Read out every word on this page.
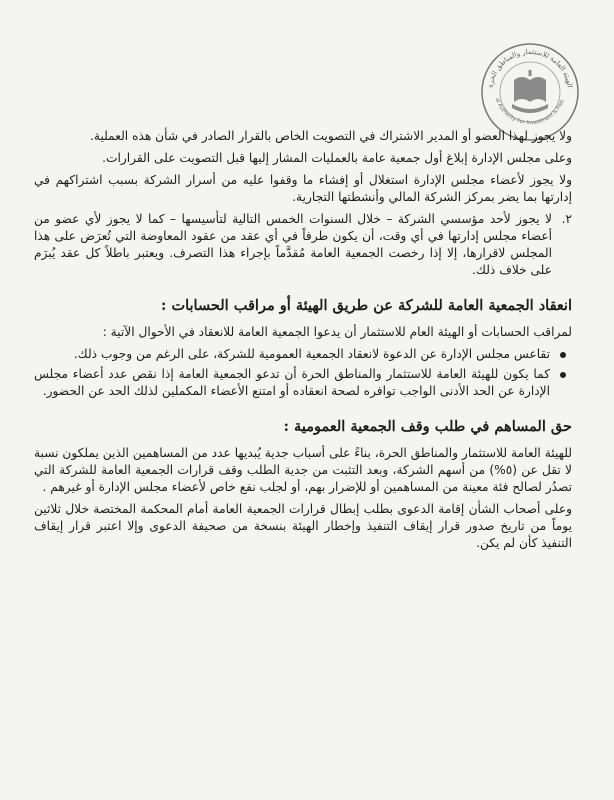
الهيئة العامة للاستثمار والمناطق الحرة
al Authority For Investment & Free

ولا يجوز لهذا العضو أو المدير الاشتراك في التصويت الخاص بالقرار الصادر في شأن هذه العملية.

وعلى مجلس الإدارة إبلاغ أول جمعية عامة بالعمليات المشار إليها قبل التصويت على القرارات.

ولا يجوز لأعضاء مجلس الإدارة استغلال أو إفشاء ما وقفوا عليه من أسرار الشركة بسبب اشتراكهم في إدارتها بما يضر بمركز الشركة المالي وأنشطتها التجارية.

٢.
لا يجوز لأحد مؤسسي الشركة – خلال السنوات الخمس التالية لتأسيسها – كما لا يجوز لأي عضو من أعضاء مجلس إدارتها في أي وقت، أن يكون طرفاً في أي عقد من عقود المعاوضة التي تُعرَض على هذا المجلس لاقرارها، إلا إذا رخصت الجمعية العامة مُقدَّماً بإجراء هذا التصرف. ويعتبر باطلاً كل عقد يُبرَم على خلاف ذلك.
انعقاد الجمعية العامة للشركة عن طريق الهيئة أو مراقب الحسابات :

لمراقب الحسابات أو الهيئة العام للاستثمار أن يدعوا الجمعية العامة للانعقاد في الأحوال الآتية :

تقاعس مجلس الإدارة عن الدعوة لانعقاد الجمعية العمومية للشركة، على الرغم من وجوب ذلك.
كما يكون للهيئة العامة للاستثمار والمناطق الحرة أن تدعو الجمعية العامة إذا نقص عدد أعضاء مجلس الإدارة عن الحد الأدنى الواجب توافره لصحة انعقاده أو امتنع الأعضاء المكملين لذلك الحد عن الحضور.
حق المساهم في طلب وقف الجمعية العمومية :

للهيئة العامة للاستثمار والمناطق الحرة، بناءً على أسباب جدية يُبديها عدد من المساهمين الذين يملكون نسبة لا تقل عن (٥%) من أسهم الشركة، وبعد التثبت من جدية الطلب وقف قرارات الجمعية العامة للشركة التي تصدُر لصالح فئة معينة من المساهمين أو للإضرار بهم، أو لجلب نفع خاص لأعضاء مجلس الإدارة أو غيرهم .

وعلى أصحاب الشأن إقامة الدعوى بطلب إبطال قرارات الجمعية العامة أمام المحكمة المختصة خلال ثلاثين يوماً من تاريخ صدور قرار إيقاف التنفيذ وإخطار الهيئة بنسخة من صحيفة الدعوى وإلا اعتبر قرار إيقاف التنفيذ كأن لم يكن.
